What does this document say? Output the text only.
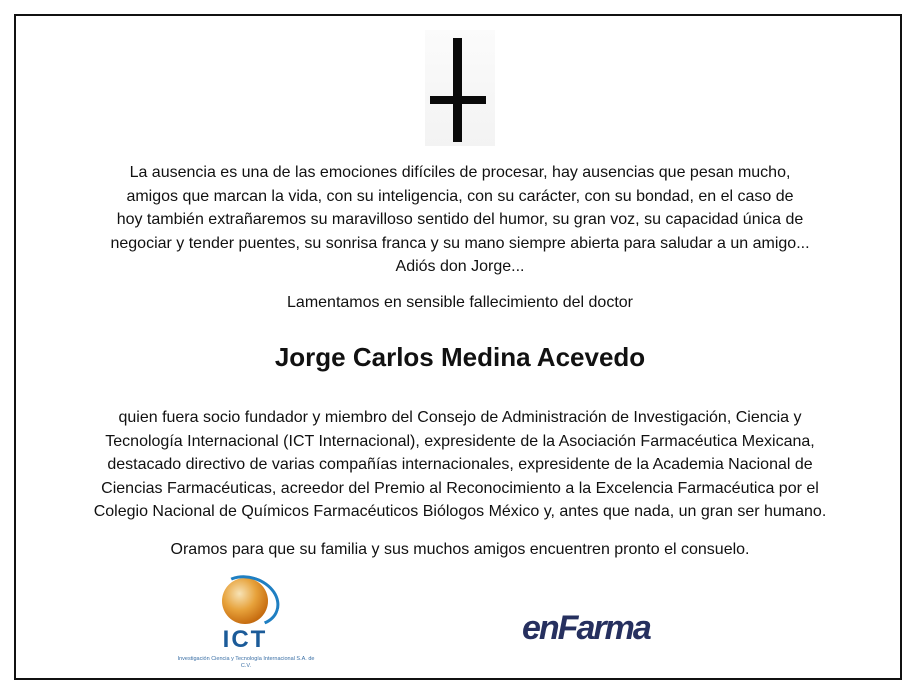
La ausencia es una de las emociones difíciles de procesar, hay ausencias que pesan mucho,
amigos que marcan la vida, con su inteligencia, con su carácter, con su bondad, en el caso de
hoy también extrañaremos su maravilloso sentido del humor, su gran voz, su capacidad única de
negociar y tender puentes, su sonrisa franca y su mano siempre abierta para saludar a un amigo...
Adiós don Jorge...
Lamentamos en sensible fallecimiento del doctor
Jorge Carlos Medina Acevedo
quien fuera socio fundador y miembro del Consejo de Administración de Investigación, Ciencia y
Tecnología Internacional (ICT Internacional), expresidente de la Asociación Farmacéutica Mexicana,
destacado directivo de varias compañías internacionales, expresidente de la Academia Nacional de
Ciencias Farmacéuticas, acreedor del Premio al Reconocimiento a la Excelencia Farmacéutica por el
Colegio Nacional de Químicos Farmacéuticos Biólogos México y, antes que nada, un gran ser humano.
Oramos para que su familia y sus muchos amigos encuentren pronto el consuelo.
ICT
Investigación Ciencia y Tecnología Internacional S.A. de C.V.
enFarma
